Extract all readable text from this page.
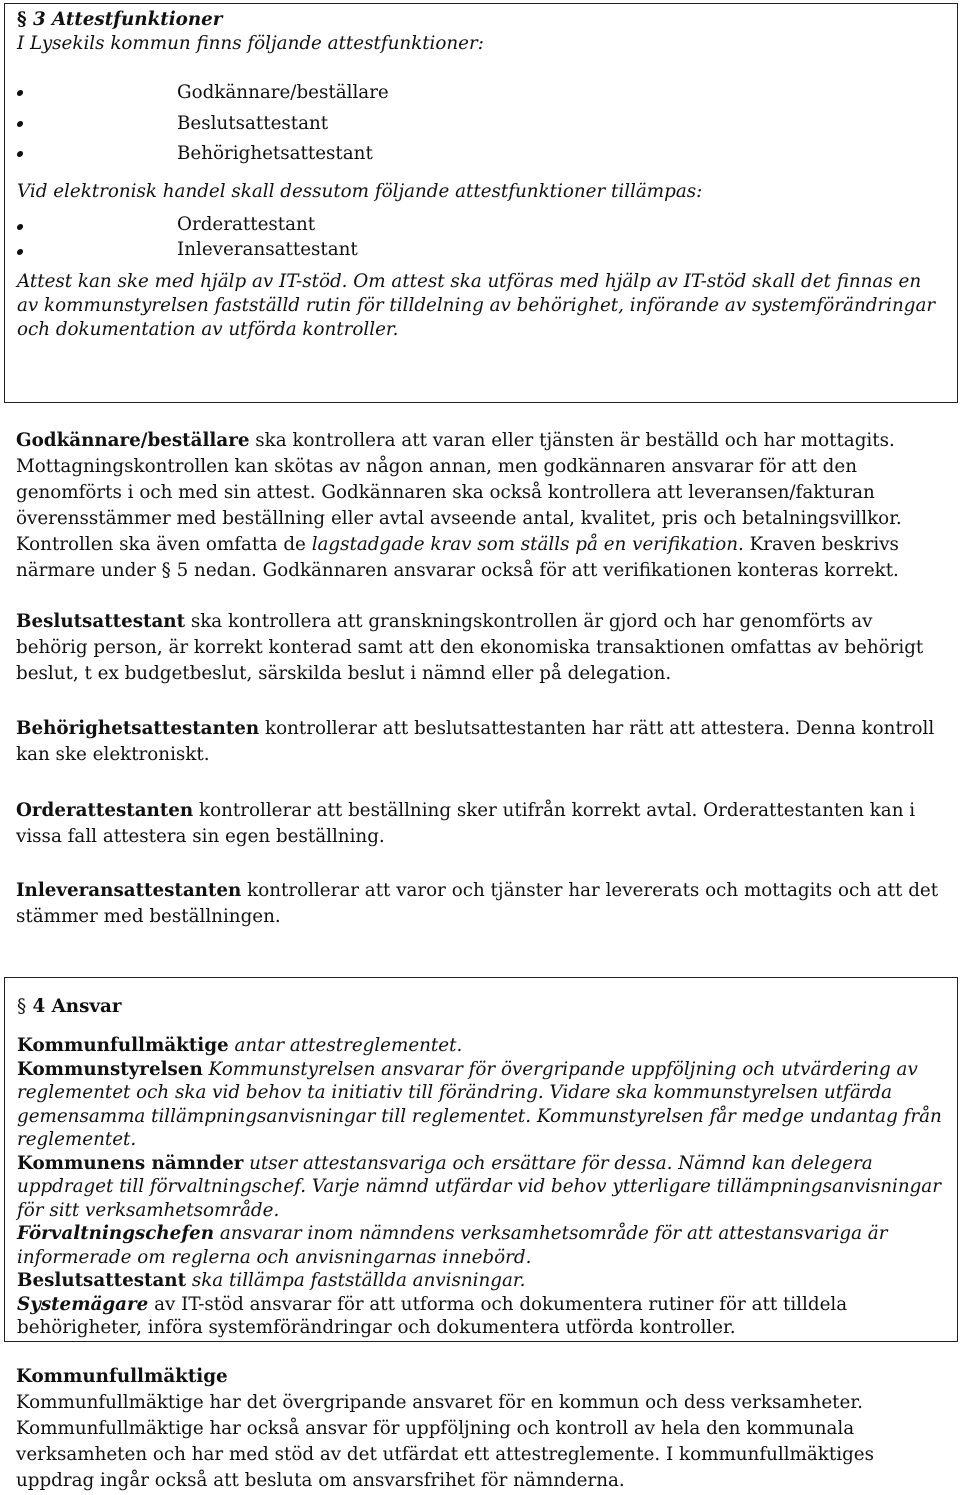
§ 3 Attestfunktioner
I Lysekils kommun finns följande attestfunktioner:
Godkännare/beställare
Beslutsattestant
Behörighetsattestant
Vid elektronisk handel skall dessutom följande attestfunktioner tillämpas:
Orderattestant
Inleveransattestant
Attest kan ske med hjälp av IT-stöd. Om attest ska utföras med hjälp av IT-stöd skall det finnas en av kommunstyrelsen fastställd rutin för tilldelning av behörighet, införande av systemförändringar och dokumentation av utförda kontroller.
Godkännare/beställare ska kontrollera att varan eller tjänsten är beställd och har mottagits. Mottagningskontrollen kan skötas av någon annan, men godkännaren ansvarar för att den genomförts i och med sin attest. Godkännaren ska också kontrollera att leveransen/fakturan överensstämmer med beställning eller avtal avseende antal, kvalitet, pris och betalningsvillkor. Kontrollen ska även omfatta de lagstadgade krav som ställs på en verifikation. Kraven beskrivs närmare under § 5 nedan. Godkännaren ansvarar också för att verifikationen konteras korrekt.
Beslutsattestant ska kontrollera att granskningskontrollen är gjord och har genomförts av behörig person, är korrekt konterad samt att den ekonomiska transaktionen omfattas av behörigt beslut, t ex budgetbeslut, särskilda beslut i nämnd eller på delegation.
Behörighetsattestanten kontrollerar att beslutsattestanten har rätt att attestera. Denna kontroll kan ske elektroniskt.
Orderattestanten kontrollerar att beställning sker utifrån korrekt avtal. Orderattestanten kan i vissa fall attestera sin egen beställning.
Inleveransattestanten kontrollerar att varor och tjänster har levererats och mottagits och att det stämmer med beställningen.
§ 4 Ansvar
Kommunfullmäktige antar attestreglementet.
Kommunstyrelsen Kommunstyrelsen ansvarar för övergripande uppföljning och utvärdering av reglementet och ska vid behov ta initiativ till förändring. Vidare ska kommunstyrelsen utfärda gemensamma tillämpningsanvisningar till reglementet. Kommunstyrelsen får medge undantag från reglementet.
Kommunens nämnder utser attestansvariga och ersättare för dessa. Nämnd kan delegera uppdraget till förvaltningschef. Varje nämnd utfärdar vid behov ytterligare tillämpningsanvisningar för sitt verksamhetsområde.
Förvaltningschefen ansvarar inom nämndens verksamhetsområde för att attestansvariga är informerade om reglerna och anvisningarnas innebörd.
Beslutsattestant ska tillämpa fastställda anvisningar.
Systemägare av IT-stöd ansvarar för att utforma och dokumentera rutiner för att tilldela behörigheter, införa systemförändringar och dokumentera utförda kontroller.
Kommunfullmäktige
Kommunfullmäktige har det övergripande ansvaret för en kommun och dess verksamheter.
Kommunfullmäktige har också ansvar för uppföljning och kontroll av hela den kommunala verksamheten och har med stöd av det utfärdat ett attestreglemente. I kommunfullmäktiges uppdrag ingår också att besluta om ansvarsfrihet för nämnderna.
